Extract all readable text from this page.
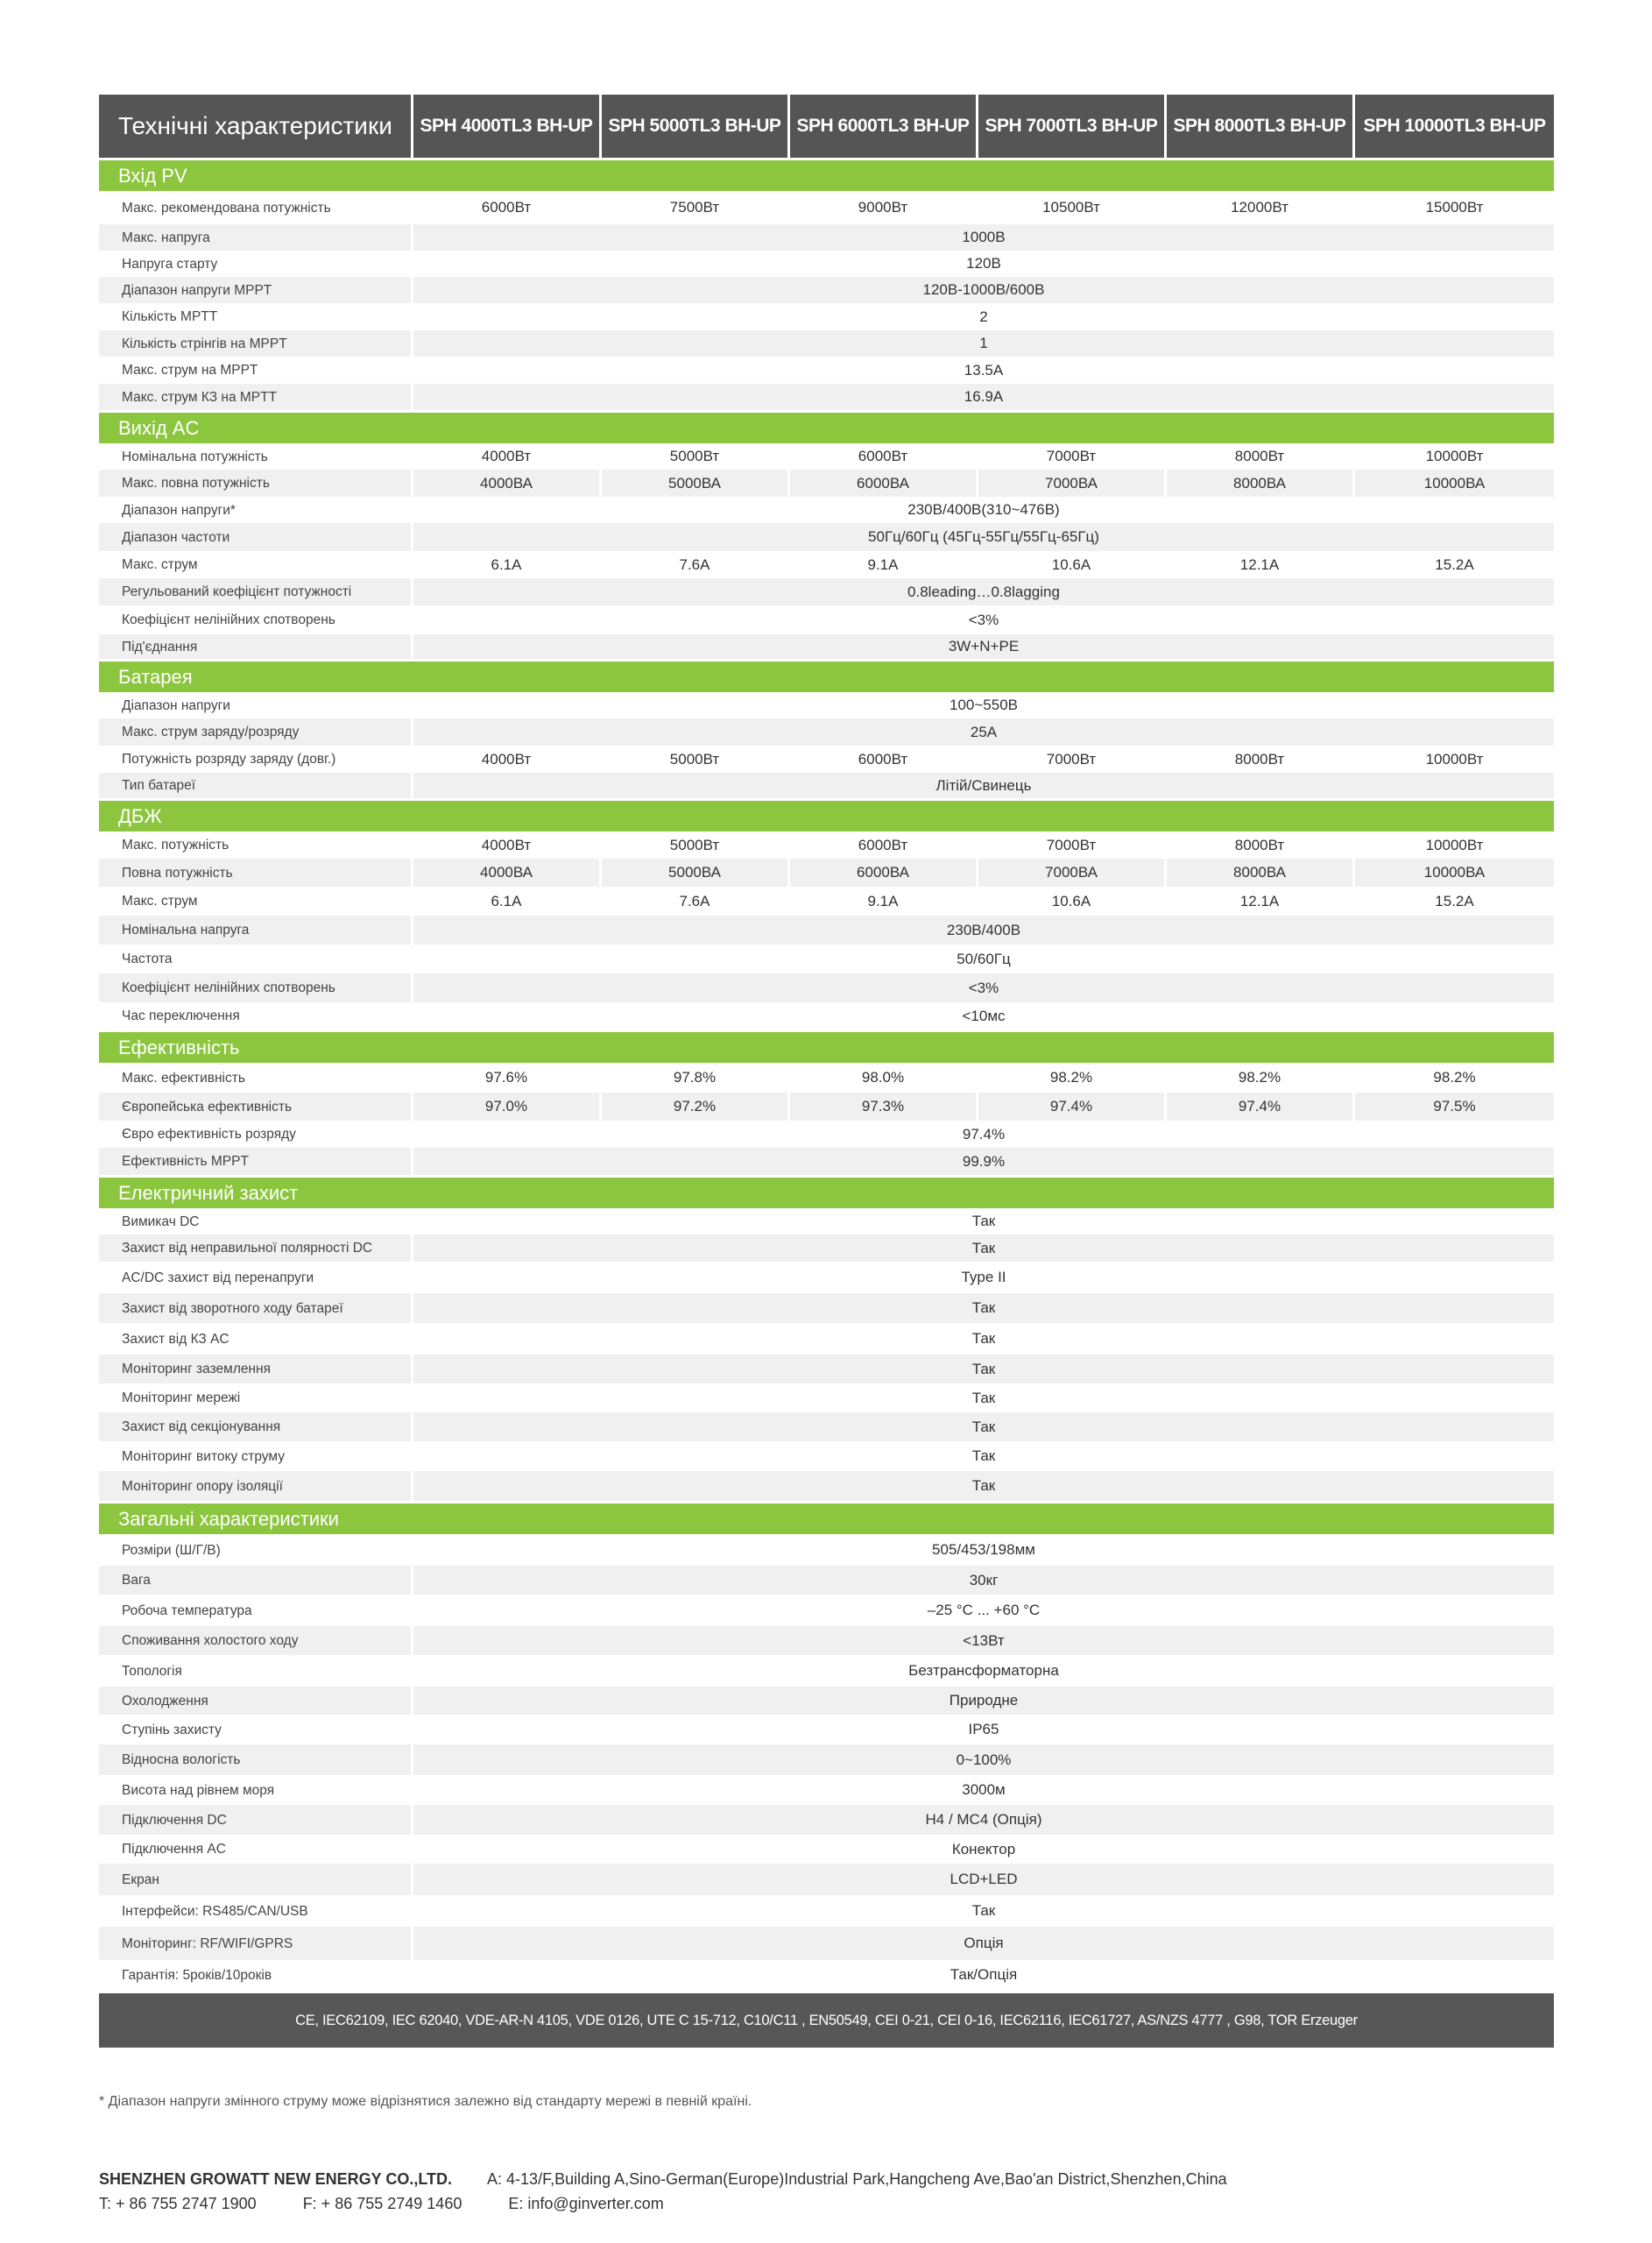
Технічні характеристики	SPH 4000TL3 BH-UP SPH 5000TL3 BH-UP SPH 6000TL3 BH-UP SPH 7000TL3 BH-UP SPH 8000TL3 BH-UP SPH 10000TL3 BH-UP
Вхід PV
Макс. рекомендована потужність	6000Вт	7500Вт	9000Вт	10500Вт	12000Вт	15000Вт
Макс. напруга	1000В
Напруга старту	120В
Діапазон напруги MPPT	120В-1000В/600В
Кількість MPTT	2
Кількість стрінгів на MPPT	1
Макс. струм на MPPT	13.5A
Макс. струм КЗ на MPTT	16.9A
Вихід AC
Номінальна потужність	4000Вт	5000Вт	6000Вт	7000Вт	8000Вт	10000Вт
Макс. повна потужність	4000ВА	5000ВА	6000ВА	7000ВА	8000ВА	10000ВА
Діапазон напруги*	230В/400В(310~476В)
Діапазон частоти	50Гц/60Гц (45Гц-55Гц/55Гц-65Гц)
Макс. струм	6.1A	7.6A	9.1A	10.6A	12.1A	15.2A
Регульований коефіцієнт потужності	0.8leading…0.8lagging
Коефіцієнт нелінійних спотворень	<3%
Під'єднання	3W+N+PE
Батарея
Діапазон напруги	100~550В
Макс. струм заряду/розряду	25A
Потужність розряду заряду (довг.)	4000Вт	5000Вт	6000Вт	7000Вт	8000Вт	10000Вт
Тип батареї	Літій/Свинець
ДБЖ
Макс. потужність	4000Вт	5000Вт	6000Вт	7000Вт	8000Вт	10000Вт
Повна потужність	4000ВА	5000ВА	6000ВА	7000ВА	8000ВА	10000ВА
Макс. струм	6.1A	7.6A	9.1A	10.6A	12.1A	15.2A
Номінальна напруга	230В/400В
Частота	50/60Гц
Коефіцієнт нелінійних спотворень	<3%
Час переключення	<10мс
Ефективність
Макс. ефективність	97.6%	97.8%	98.0%	98.2%	98.2%	98.2%
Європейська ефективність	97.0%	97.2%	97.3%	97.4%	97.4%	97.5%
Євро ефективність розряду	97.4%
Ефективність MPPT	99.9%
Електричний захист
Вимикач DC	Так
Захист від неправильної полярності DC	Так
AC/DC захист від перенапруги	Type II
Захист від зворотного ходу батареї	Так
Захист від КЗ AC	Так
Моніторинг заземлення	Так
Моніторинг мережі	Так
Захист від секціонування	Так
Моніторинг витоку струму	Так
Моніторинг опору ізоляції	Так
Загальні характеристики
Розміри (Ш/Г/В)	505/453/198мм
Вага	30кг
Робоча температура	–25 °C ... +60 °C
Споживання холостого ходу	<13Вт
Топологія	Безтрансформаторна
Охолодження	Природне
Ступінь захисту	IP65
Відносна вологість	0~100%
Висота над рівнем моря	3000м
Підключення DC	H4 / MC4 (Опція)
Підключення AC	Конектор
Екран	LCD+LED
Інтерфейси: RS485/CAN/USB	Так
Моніторинг: RF/WIFI/GPRS	Опція
Гарантія: 5років/10років	Так/Опція
CE, IEC62109, IEC 62040, VDE-AR-N 4105, VDE 0126, UTE C 15-712, C10/C11 , EN50549, CEI 0-21, CEI 0-16, IEC62116, IEC61727, AS/NZS 4777 , G98, TOR Erzeuger
* Діапазон напруги змінного струму може відрізнятися залежно від стандарту мережі в певній країні.
SHENZHEN GROWATT NEW ENERGY CO.,LTD. A: 4-13/F,Building A,Sino-German(Europe)Industrial Park,Hangcheng Ave,Bao'an District,Shenzhen,China
T: + 86 755 2747 1900	F: + 86 755 2749 1460	E: info@ginverter.com
